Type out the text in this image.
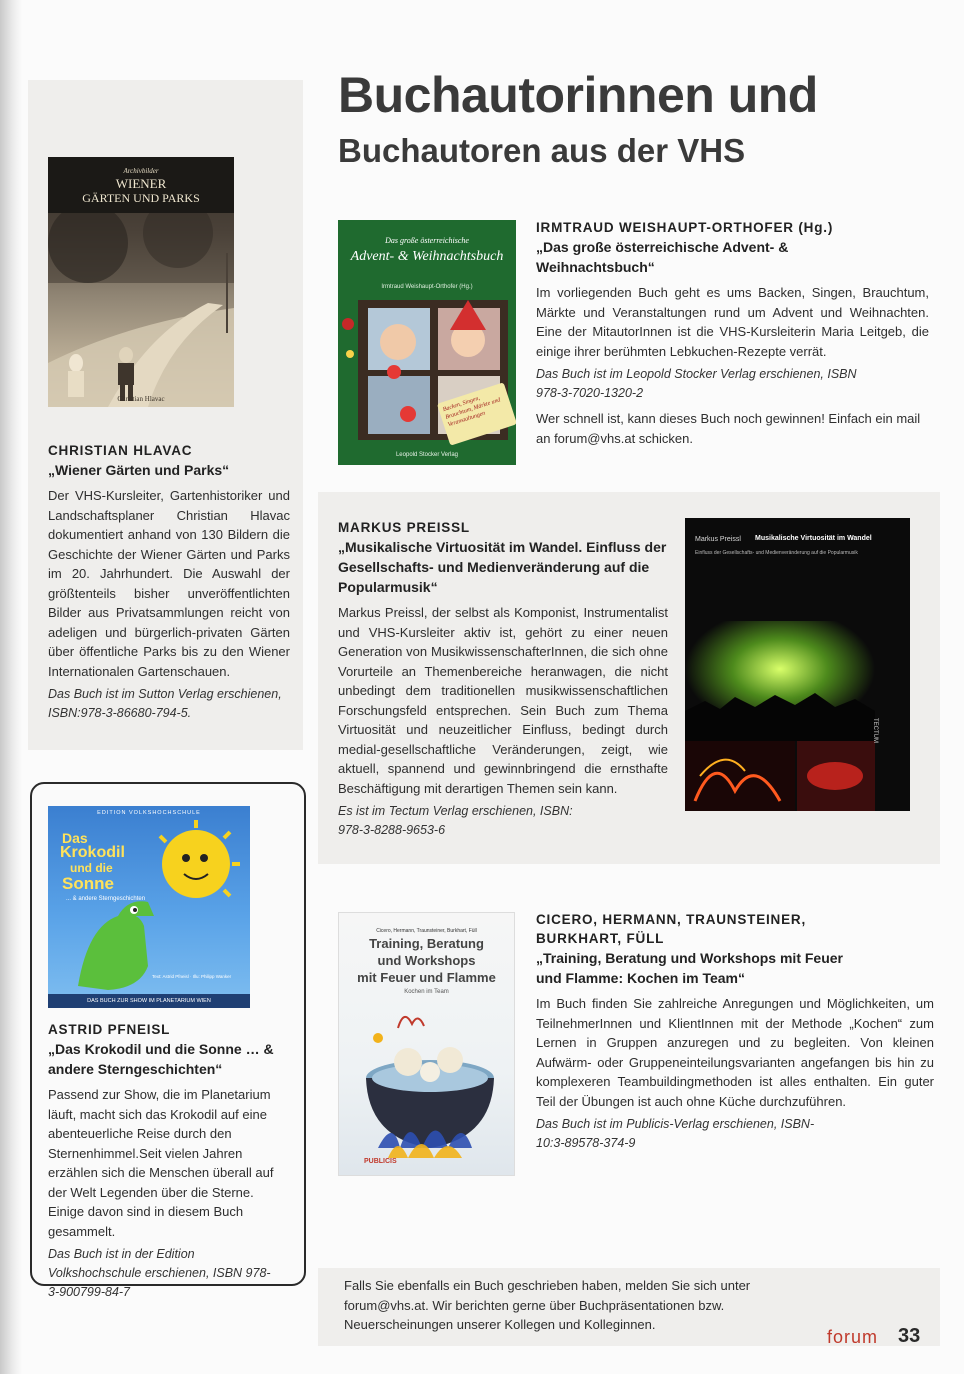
Buchautorinnen und
Buchautoren aus der VHS
Archivbilder
WIENER
GÄRTEN UND PARKS
Christian Hlavac
CHRISTIAN HLAVAC
„Wiener Gärten und Parks“
Der VHS-Kursleiter, Gartenhistoriker und Landschaftsplaner Christian Hlavac dokumentiert anhand von 130 Bildern die Geschichte der Wiener Gärten und Parks im 20. Jahrhundert. Die Auswahl der größtenteils bisher unveröffentlichten Bilder aus Privatsammlungen reicht von adeligen und bürgerlich-privaten Gärten über öffentliche Parks bis zu den Wiener Internationalen Gartenschauen.
Das Buch ist im Sutton Verlag erschienen, ISBN:978-3-86680-794-5.
Das große österreichische
Advent- & Weihnachtsbuch
Irmtraud Weishaupt-Orthofer (Hg.)
Backen, Singen, Brauchtum, Märkte und Veranstaltungen
Leopold Stocker Verlag
IRMTRAUD WEISHAUPT-ORTHOFER (Hg.)
„Das große österreichische Advent- & Weihnachtsbuch“
Im vorliegenden Buch geht es ums Backen, Singen, Brauchtum, Märkte und Veranstaltungen rund um Advent und Weihnachten. Eine der MitautorInnen ist die VHS-Kursleiterin Maria Leitgeb, die einige ihrer berühmten Lebkuchen-Rezepte verrät.
Das Buch ist im Leopold Stocker Verlag erschienen, ISBN 978-3-7020-1320-2
Wer schnell ist, kann dieses Buch noch gewinnen! Einfach ein mail an forum@vhs.at schicken.
MARKUS PREISSL
„Musikalische Virtuosität im Wandel. Einfluss der Gesellschafts- und Medienveränderung auf die Popularmusik“
Markus Preissl, der selbst als Komponist, Instrumentalist und VHS-Kursleiter aktiv ist, gehört zu einer neuen Generation von MusikwissenschafterInnen, die sich ohne Vorurteile an Themenbereiche heranwagen, die nicht unbedingt dem traditionellen musikwissenschaftlichen Forschungsfeld entsprechen. Sein Buch zum Thema Virtuosität und neuzeitlicher Einfluss, bedingt durch medial-gesellschaftliche Veränderungen, zeigt, wie aktuell, spannend und gewinnbringend die ernsthafte Beschäftigung mit derartigen Themen sein kann.
Es ist im Tectum Verlag erschienen, ISBN: 978-3-8288-9653-6
Markus Preissl Musikalische Virtuosität im Wandel
Einfluss der Gesellschafts- und Medienveränderung auf die Popularmusik
TECTUM
EDITION VOLKSHOCHSCHULE
Das
Krokodil
und die
Sonne
... & andere Sterngeschichten
Text: Astrid Pfneisl · Illu: Philipp Wanker
DAS BUCH ZUR SHOW IM PLANETARIUM WIEN
ASTRID PFNEISL
„Das Krokodil und die Sonne … & andere Sterngeschichten“
Passend zur Show, die im Planetarium läuft, macht sich das Krokodil auf eine abenteuerliche Reise durch den Sternenhimmel.Seit vielen Jahren erzählen sich die Menschen überall auf der Welt Legenden über die Sterne. Einige davon sind in diesem Buch gesammelt.
Das Buch ist in der Edition Volkshochschule erschienen, ISBN 978-3-900799-84-7
Cicero, Hermann, Traunsteiner, Burkhart, Füll
Training, Beratung
und Workshops
mit Feuer und Flamme
Kochen im Team
PUBLICIS
CICERO, HERMANN, TRAUNSTEINER, BURKHART, FÜLL
„Training, Beratung und Workshops mit Feuer und Flamme: Kochen im Team“
Im Buch finden Sie zahlreiche Anregungen und Möglichkeiten, um TeilnehmerInnen und KlientInnen mit der Methode „Kochen“ zum Lernen in Gruppen anzuregen und zu begleiten. Von kleinen Aufwärm- oder Gruppeneinteilungsvarianten angefangen bis hin zu komplexeren Teambuildingmethoden ist alles enthalten. Ein guter Teil der Übungen ist auch ohne Küche durchzuführen.
Das Buch ist im Publicis-Verlag erschienen, ISBN-10:3-89578-374-9
Falls Sie ebenfalls ein Buch geschrieben haben, melden Sie sich unter forum@vhs.at. Wir berichten gerne über Buchpräsentationen bzw. Neuerscheinungen unserer Kollegen und Kolleginnen.
forum 33
